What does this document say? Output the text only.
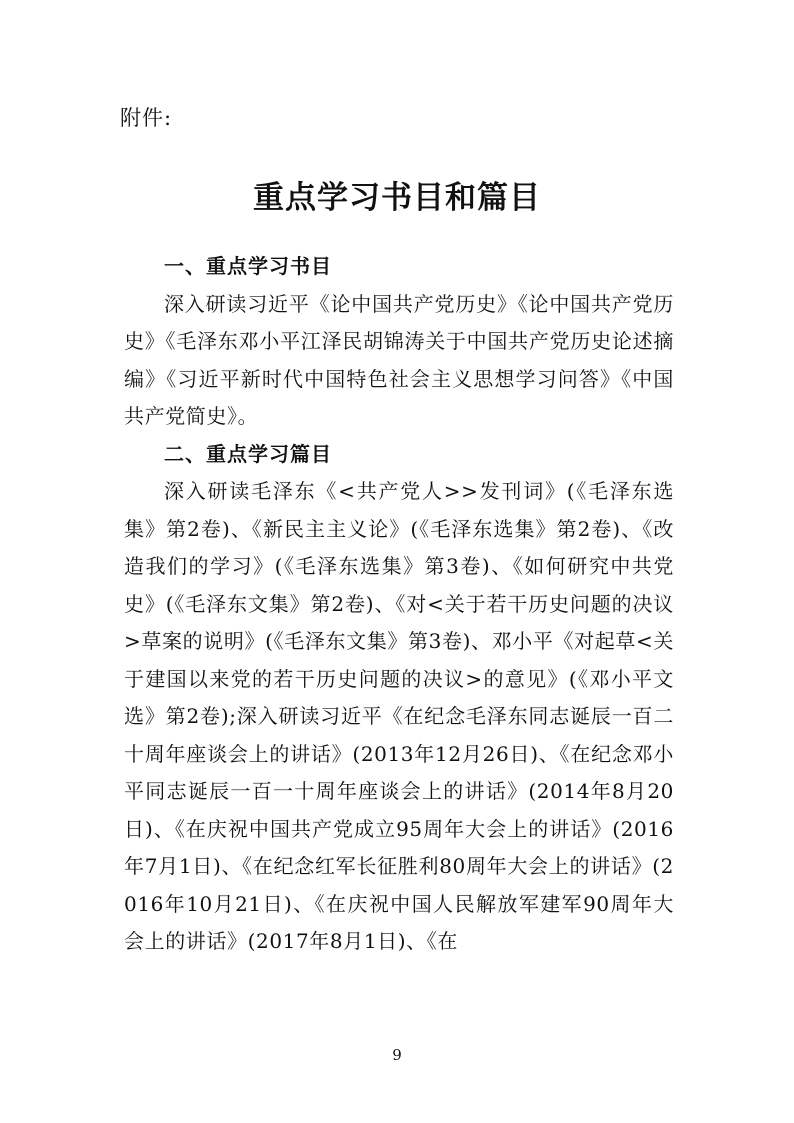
附件:
重点学习书目和篇目

一、重点学习书目

深入研读习近平《论中国共产党历史》《论中国共产党历史》《毛泽东邓小平江泽民胡锦涛关于中国共产党历史论述摘编》《习近平新时代中国特色社会主义思想学习问答》《中国共产党简史》。

二、重点学习篇目

深入研读毛泽东《<共产党人>>发刊词》(《毛泽东选集》第2卷)、《新民主主义论》(《毛泽东选集》第2卷)、《改造我们的学习》(《毛泽东选集》第3卷)、《如何研究中共党史》(《毛泽东文集》第2卷)、《对<关于若干历史问题的决议>草案的说明》(《毛泽东文集》第3卷)、邓小平《对起草<关于建国以来党的若干历史问题的决议>的意见》(《邓小平文选》第2卷);深入研读习近平《在纪念毛泽东同志诞辰一百二十周年座谈会上的讲话》(2013年12月26日)、《在纪念邓小平同志诞辰一百一十周年座谈会上的讲话》(2014年8月20日)、《在庆祝中国共产党成立95周年大会上的讲话》(2016年7月1日)、《在纪念红军长征胜利80周年大会上的讲话》(2016年10月21日)、《在庆祝中国人民解放军建军90周年大会上的讲话》(2017年8月1日)、《在

9
